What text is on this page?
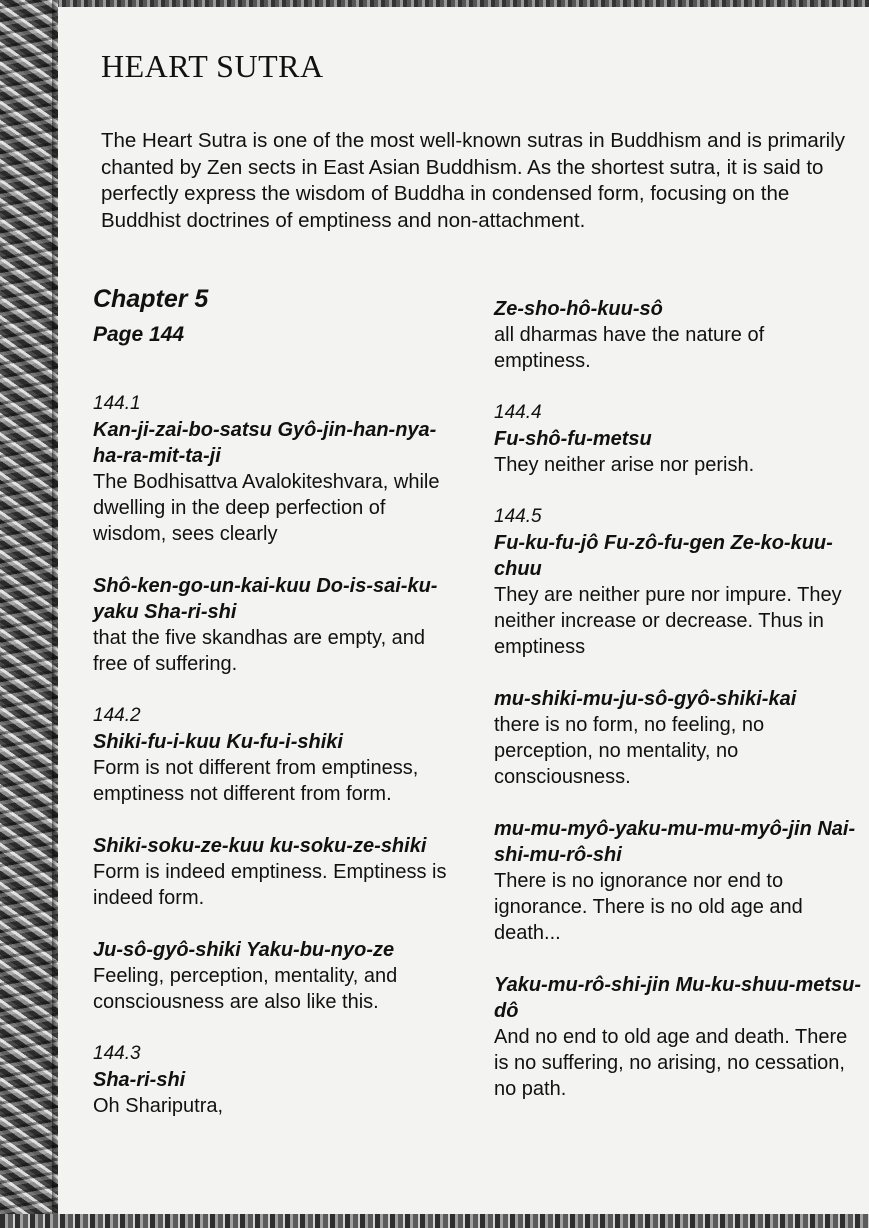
HEART SUTRA

The Heart Sutra is one of the most well-known sutras in Buddhism and is primarily chanted by Zen sects in East Asian Buddhism. As the shortest sutra, it is said to perfectly express the wisdom of Buddha in condensed form, focusing on the Buddhist doctrines of emptiness and non-attachment.

Chapter 5

Page 144

144.1
Kan-ji-zai-bo-satsu Gyô-jin-han-nya-ha-ra-mit-ta-ji
The Bodhisattva Avalokiteshvara, while dwelling in the deep perfection of wisdom, sees clearly
Shô-ken-go-un-kai-kuu Do-is-sai-ku-yaku Sha-ri-shi
that the five skandhas are empty, and free of suffering.
144.2
Shiki-fu-i-kuu Ku-fu-i-shiki
Form is not different from emptiness, emptiness not different from form.
Shiki-soku-ze-kuu ku-soku-ze-shiki
Form is indeed emptiness. Emptiness is indeed form.
Ju-sô-gyô-shiki Yaku-bu-nyo-ze
Feeling, perception, mentality, and consciousness are also like this.
144.3
Sha-ri-shi
Oh Shariputra,
Ze-sho-hô-kuu-sô
all dharmas have the nature of emptiness.
144.4
Fu-shô-fu-metsu
They neither arise nor perish.
144.5
Fu-ku-fu-jô Fu-zô-fu-gen Ze-ko-kuu-chuu
They are neither pure nor impure. They neither increase or decrease. Thus in emptiness
mu-shiki-mu-ju-sô-gyô-shiki-kai
there is no form, no feeling, no perception, no mentality, no consciousness.
mu-mu-myô-yaku-mu-mu-myô-jin Nai-shi-mu-rô-shi
There is no ignorance nor end to ignorance. There is no old age and death...
Yaku-mu-rô-shi-jin Mu-ku-shuu-metsu-dô
And no end to old age and death. There is no suffering, no arising, no cessation, no path.
